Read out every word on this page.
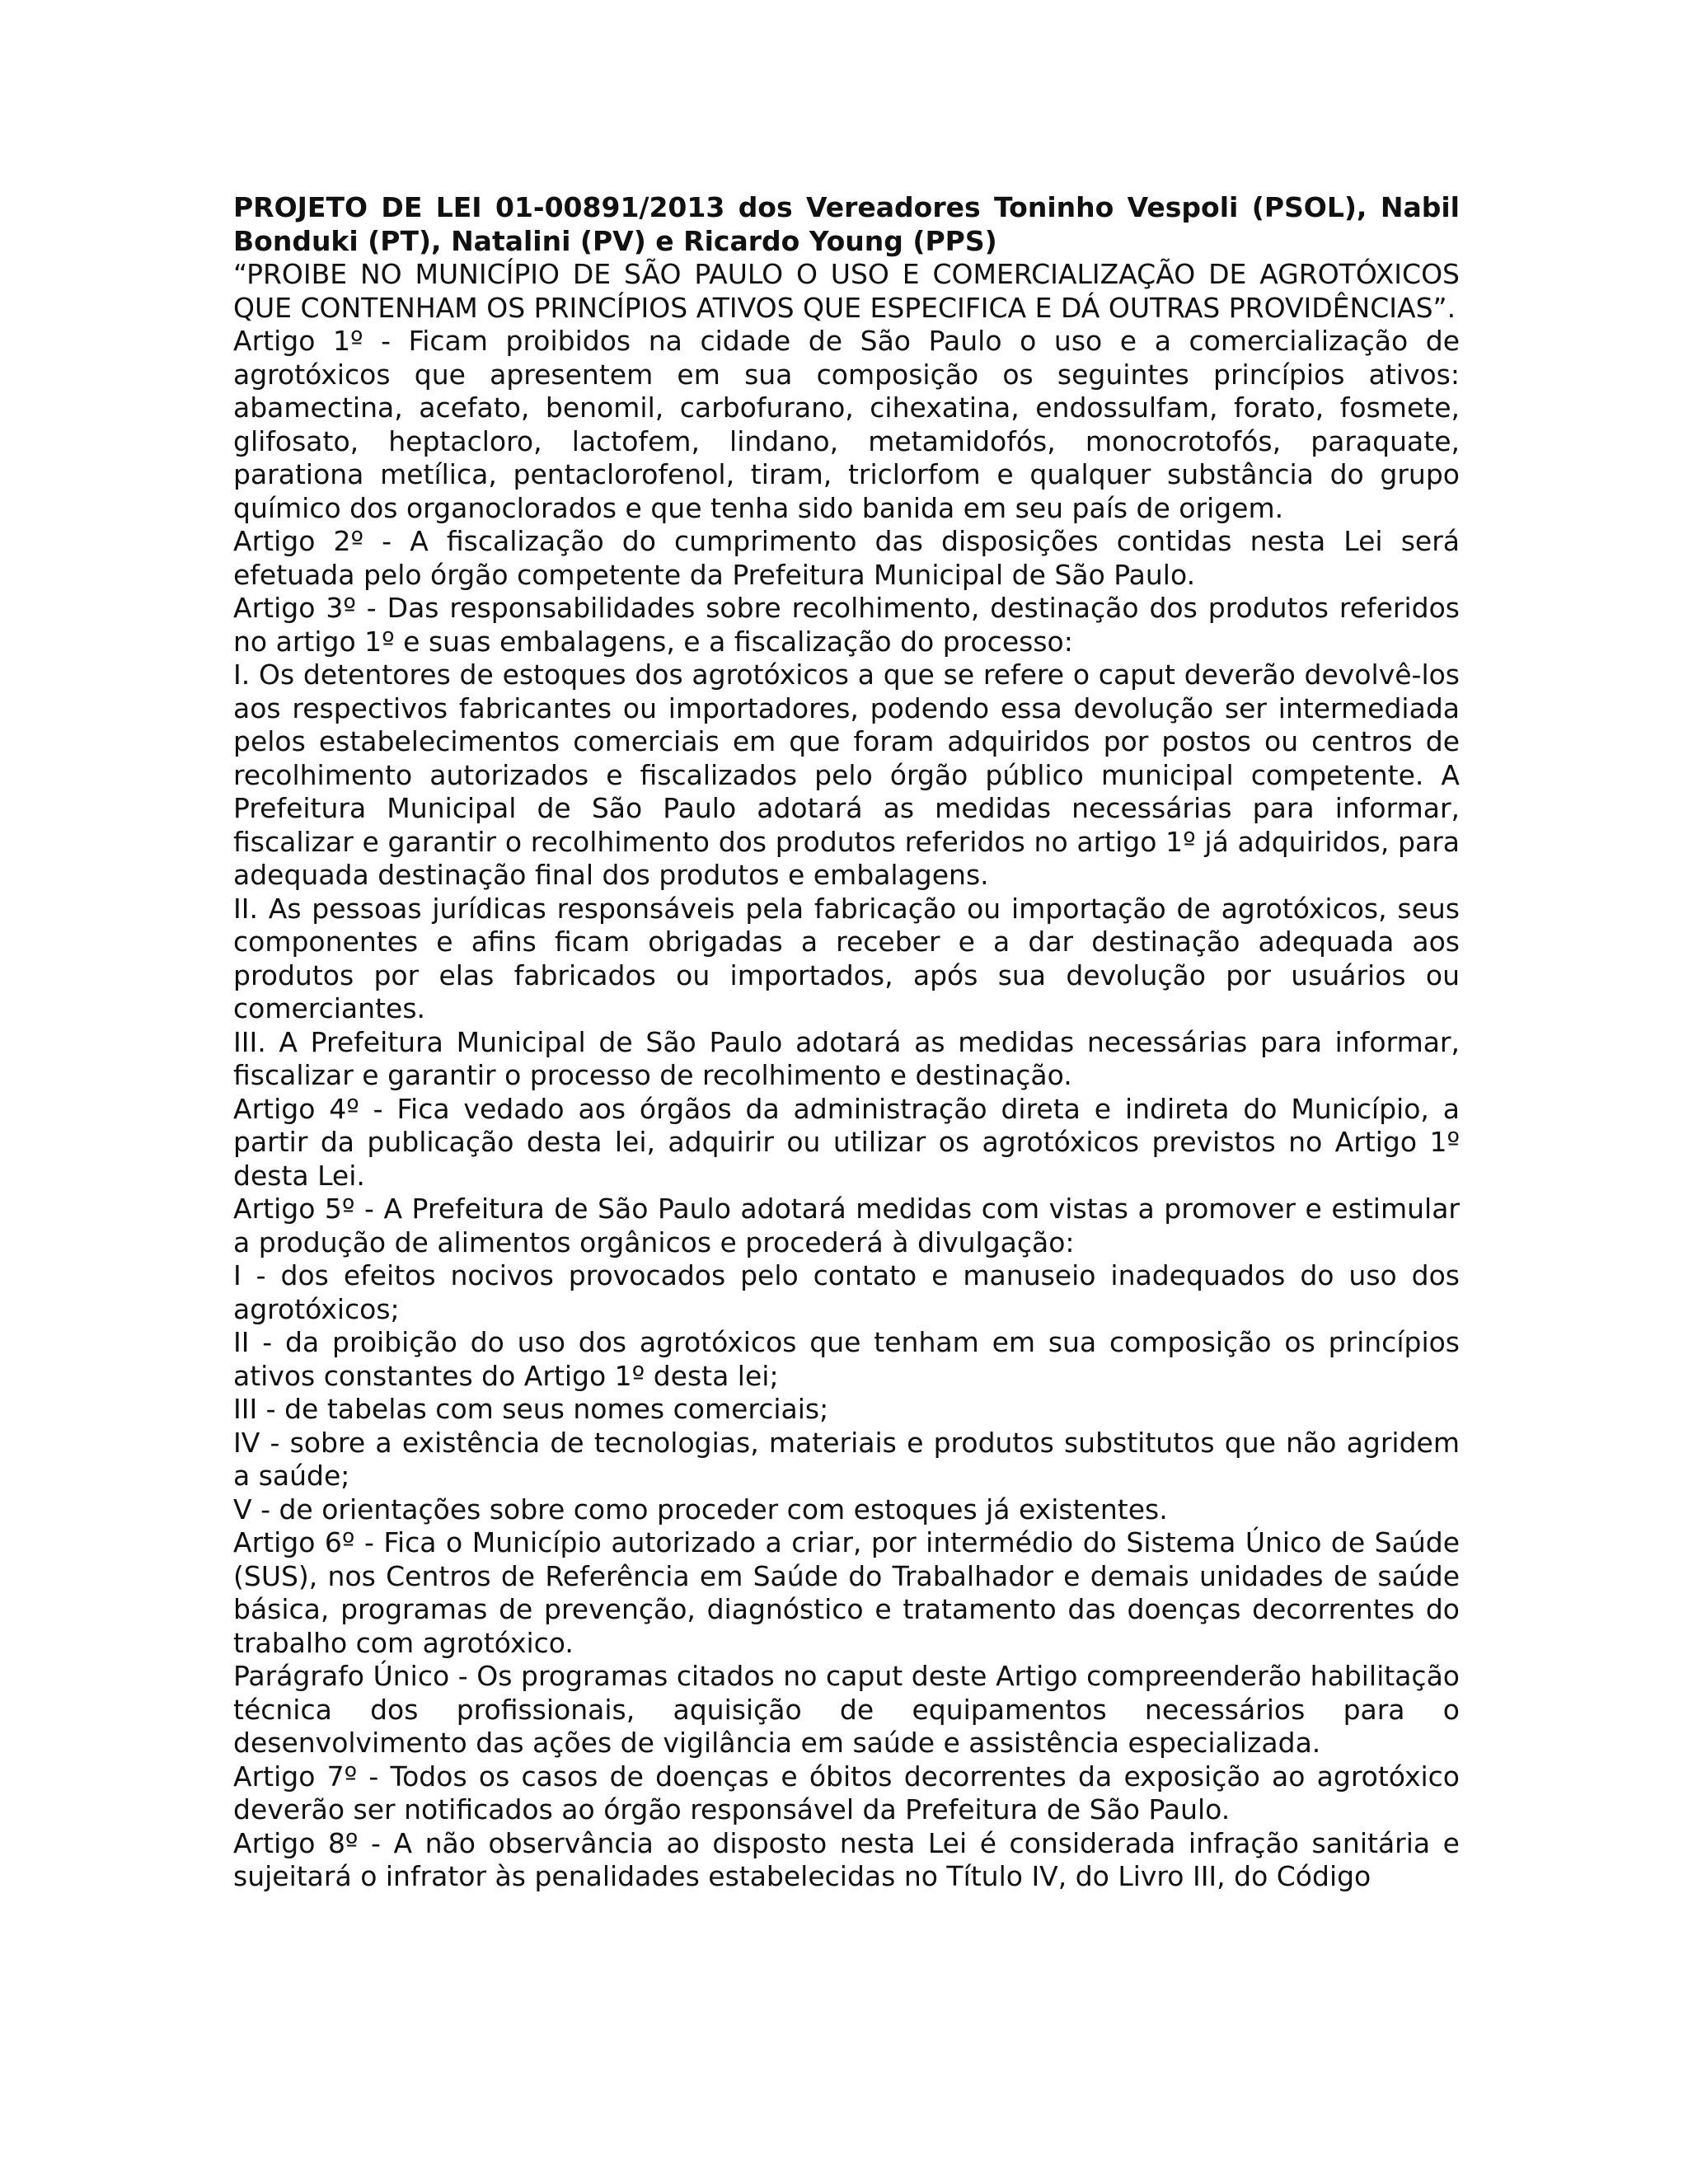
PROJETO DE LEI 01-00891/2013 dos Vereadores Toninho Vespoli (PSOL), Nabil Bonduki (PT), Natalini (PV) e Ricardo Young (PPS)

“PROIBE NO MUNICÍPIO DE SÃO PAULO O USO E COMERCIALIZAÇÃO DE AGROTÓXICOS QUE CONTENHAM OS PRINCÍPIOS ATIVOS QUE ESPECIFICA E DÁ OUTRAS PROVIDÊNCIAS”.

Artigo 1º - Ficam proibidos na cidade de São Paulo o uso e a comercialização de agrotóxicos que apresentem em sua composição os seguintes princípios ativos: abamectina, acefato, benomil, carbofurano, cihexatina, endossulfam, forato, fosmete, glifosato, heptacloro, lactofem, lindano, metamidofós, monocrotofós, paraquate, parationa metílica, pentaclorofenol, tiram, triclorfom e qualquer substância do grupo químico dos organoclorados e que tenha sido banida em seu país de origem.

Artigo 2º - A fiscalização do cumprimento das disposições contidas nesta Lei será efetuada pelo órgão competente da Prefeitura Municipal de São Paulo.

Artigo 3º - Das responsabilidades sobre recolhimento, destinação dos produtos referidos no artigo 1º e suas embalagens, e a fiscalização do processo:

I. Os detentores de estoques dos agrotóxicos a que se refere o caput deverão devolvê-los aos respectivos fabricantes ou importadores, podendo essa devolução ser intermediada pelos estabelecimentos comerciais em que foram adquiridos por postos ou centros de recolhimento autorizados e fiscalizados pelo órgão público municipal competente. A Prefeitura Municipal de São Paulo adotará as medidas necessárias para informar, fiscalizar e garantir o recolhimento dos produtos referidos no artigo 1º já adquiridos, para adequada destinação final dos produtos e embalagens.

II. As pessoas jurídicas responsáveis pela fabricação ou importação de agrotóxicos, seus componentes e afins ficam obrigadas a receber e a dar destinação adequada aos produtos por elas fabricados ou importados, após sua devolução por usuários ou comerciantes.

III. A Prefeitura Municipal de São Paulo adotará as medidas necessárias para informar, fiscalizar e garantir o processo de recolhimento e destinação.

Artigo 4º - Fica vedado aos órgãos da administração direta e indireta do Município, a partir da publicação desta lei, adquirir ou utilizar os agrotóxicos previstos no Artigo 1º desta Lei.

Artigo 5º - A Prefeitura de São Paulo adotará medidas com vistas a promover e estimular a produção de alimentos orgânicos e procederá à divulgação:

I - dos efeitos nocivos provocados pelo contato e manuseio inadequados do uso dos agrotóxicos;

II - da proibição do uso dos agrotóxicos que tenham em sua composição os princípios ativos constantes do Artigo 1º desta lei;

III - de tabelas com seus nomes comerciais;

IV - sobre a existência de tecnologias, materiais e produtos substitutos que não agridem a saúde;

V - de orientações sobre como proceder com estoques já existentes.

Artigo 6º - Fica o Município autorizado a criar, por intermédio do Sistema Único de Saúde (SUS), nos Centros de Referência em Saúde do Trabalhador e demais unidades de saúde básica, programas de prevenção, diagnóstico e tratamento das doenças decorrentes do trabalho com agrotóxico.

Parágrafo Único - Os programas citados no caput deste Artigo compreenderão habilitação técnica dos profissionais, aquisição de equipamentos necessários para o desenvolvimento das ações de vigilância em saúde e assistência especializada.

Artigo 7º - Todos os casos de doenças e óbitos decorrentes da exposição ao agrotóxico deverão ser notificados ao órgão responsável da Prefeitura de São Paulo.

Artigo 8º - A não observância ao disposto nesta Lei é considerada infração sanitária e sujeitará o infrator às penalidades estabelecidas no Título IV, do Livro III, do Código
